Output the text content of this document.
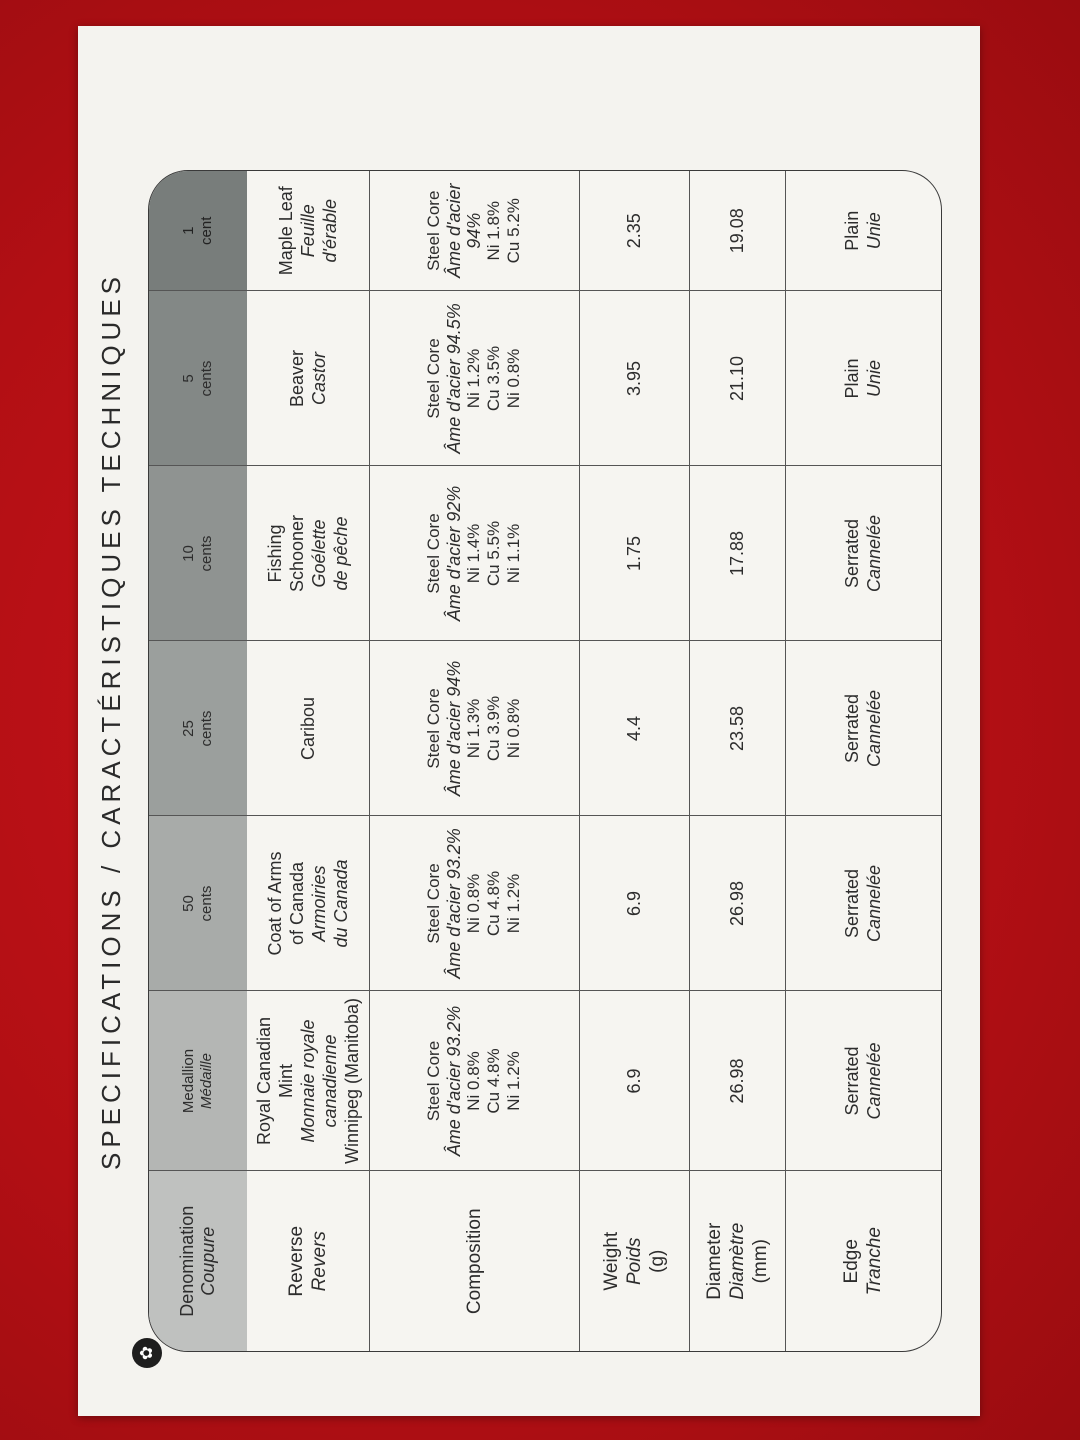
SPECIFICATIONS / CARACTÉRISTIQUES TECHNIQUES
✿
Denomination Coupure	Medallion Médaille	50 cents	25 cents	10 cents	5 cents	1 cent

Reverse Revers	Royal Canadian Mint Monnaie royale canadienne Winnipeg (Manitoba)	Coat of Arms of Canada Armoiries du Canada	Caribou	Fishing Schooner Goélette de pêche	Beaver Castor	Maple Leaf Feuille d'érable

Composition	Steel Core Âme d'acier 93.2% Ni 0.8% Cu 4.8% Ni 1.2%	Steel Core Âme d'acier 93.2% Ni 0.8% Cu 4.8% Ni 1.2%	Steel Core Âme d'acier 94% Ni 1.3% Cu 3.9% Ni 0.8%	Steel Core Âme d'acier 92% Ni 1.4% Cu 5.5% Ni 1.1%	Steel Core Âme d'acier 94.5% Ni 1.2% Cu 3.5% Ni 0.8%	Steel Core Âme d'acier 94% Ni 1.8% Cu 5.2%

Weight Poids (g)	6.9	6.9	4.4	1.75	3.95	2.35

Diameter Diamètre (mm)	26.98	26.98	23.58	17.88	21.10	19.08

Edge Tranche	Serrated Cannelée	Serrated Cannelée	Serrated Cannelée	Serrated Cannelée	Plain Unie	Plain Unie
